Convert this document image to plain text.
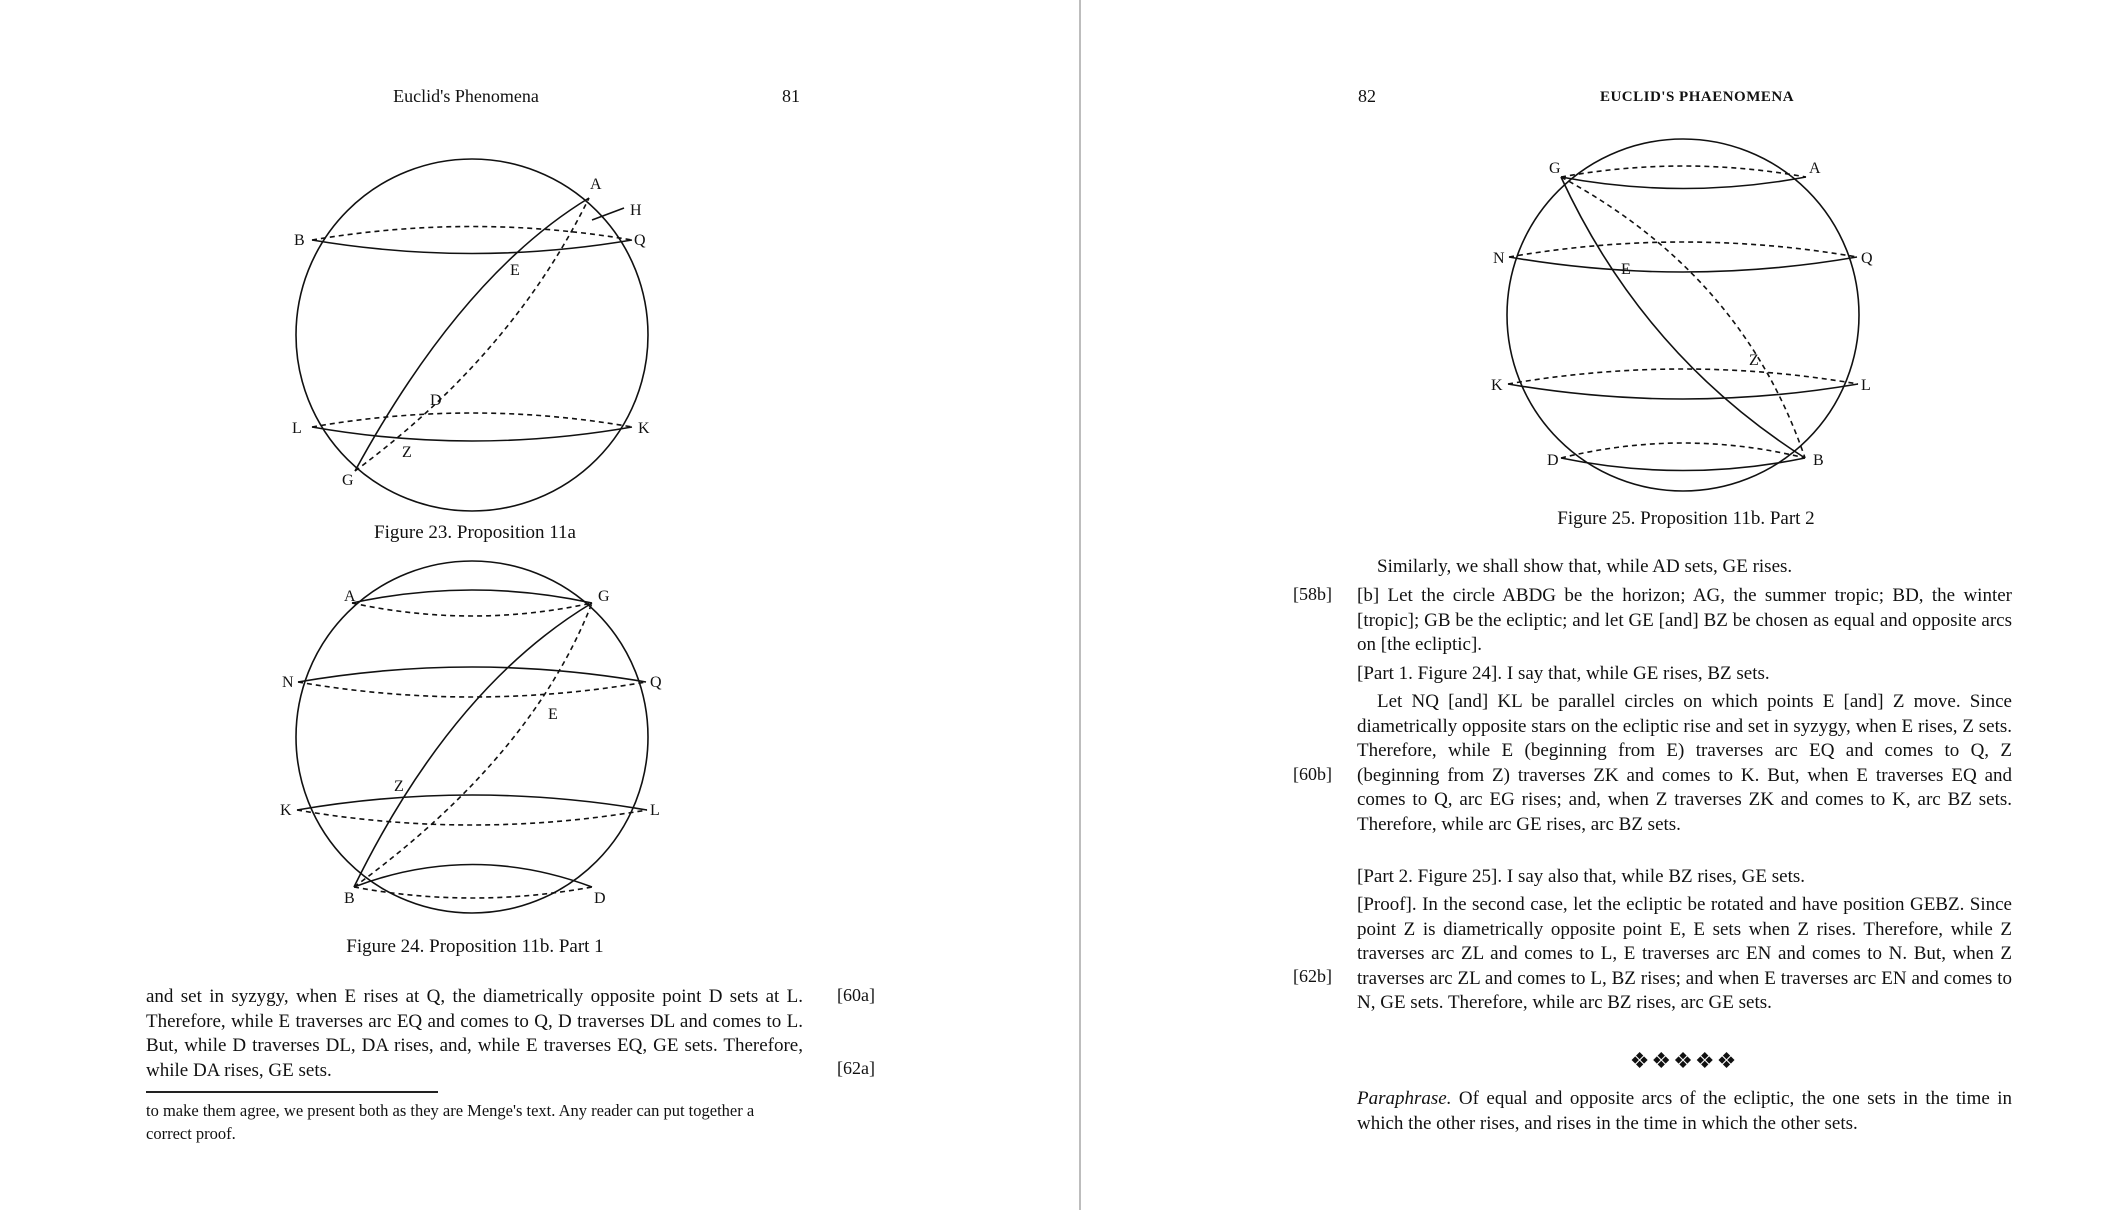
Euclid's Phenomena	81
A
H
B	Q
E
D
L	K
Z
G
Figure 23. Proposition 11a
A	G
N	Q
E
Z
K	L
B	D
Figure 24. Proposition 11b. Part 1
and set in syzygy, when E rises at Q, the diametrically opposite point D sets at L. Therefore, while E traverses arc EQ and comes to Q, D traverses DL and comes to L. But, while D traverses DL, DA rises, and, while E traverses EQ, GE sets. Therefore, while DA rises, GE sets.
[60a]
[62a]
to make them agree, we present both as they are Menge's text. Any reader can put together a correct proof.
82	EUCLID'S PHAENOMENA
G	A
N	Q
E
Z
K	L
D	B
Figure 25. Proposition 11b. Part 2
Similarly, we shall show that, while AD sets, GE rises.
[b] Let the circle ABDG be the horizon; AG, the summer tropic; BD, the winter [tropic]; GB be the ecliptic; and let GE [and] BZ be chosen as equal and opposite arcs on [the ecliptic].
[Part 1. Figure 24]. I say that, while GE rises, BZ sets.
Let NQ [and] KL be parallel circles on which points E [and] Z move. Since diametrically opposite stars on the ecliptic rise and set in syzygy, when E rises, Z sets. Therefore, while E (beginning from E) traverses arc EQ and comes to Q, Z (beginning from Z) traverses ZK and comes to K. But, when E traverses EQ and comes to Q, arc EG rises; and, when Z traverses ZK and comes to K, arc BZ sets. Therefore, while arc GE rises, arc BZ sets.
[Part 2. Figure 25]. I say also that, while BZ rises, GE sets.
[Proof]. In the second case, let the ecliptic be rotated and have position GEBZ. Since point Z is diametrically opposite point E, E sets when Z rises. Therefore, while Z traverses arc ZL and comes to L, E traverses arc EN and comes to N. But, when Z traverses arc ZL and comes to L, BZ rises; and when E traverses arc EN and comes to N, GE sets. Therefore, while arc BZ rises, arc GE sets.
[58b]
[60b]
[62b]
❖❖❖❖❖
Paraphrase. Of equal and opposite arcs of the ecliptic, the one sets in the time in which the other rises, and rises in the time in which the other sets.
